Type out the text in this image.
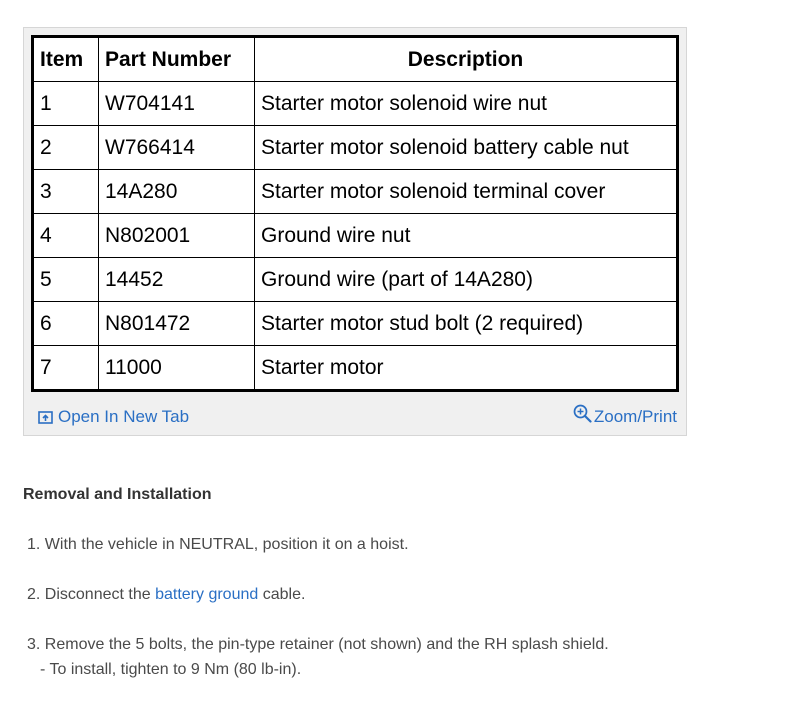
Item	Part Number	Description
1	W704141	Starter motor solenoid wire nut
2	W766414	Starter motor solenoid battery cable nut
3	14A280	Starter motor solenoid terminal cover
4	N802001	Ground wire nut
5	14452	Ground wire (part of 14A280)
6	N801472	Starter motor stud bolt (2 required)
7	11000	Starter motor
Open In New Tab	Zoom/Print
Removal and Installation
1. With the vehicle in NEUTRAL, position it on a hoist.
2. Disconnect the battery ground cable.
3. Remove the 5 bolts, the pin-type retainer (not shown) and the RH splash shield.
- To install, tighten to 9 Nm (80 lb-in).
